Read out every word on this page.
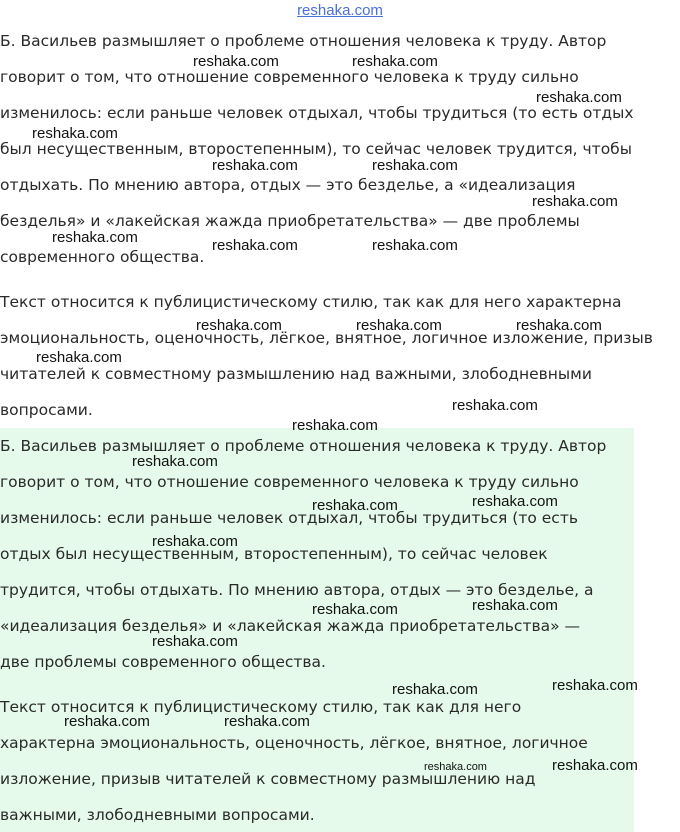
reshaka.com
Б. Васильев размышляет о проблеме отношения человека к труду. Автор
говорит о том, что отношение современного человека к труду сильно
изменилось: если раньше человек отдыхал, чтобы трудиться (то есть отдых
был несущественным, второстепенным), то сейчас человек трудится, чтобы
отдыхать. По мнению автора, отдых — это безделье, а «идеализация
безделья» и «лакейская жажда приобретательства» — две проблемы
современного общества.
Текст относится к публицистическому стилю, так как для него характерна
эмоциональность, оценочность, лёгкое, внятное, логичное изложение, призыв
читателей к совместному размышлению над важными, злободневными
вопросами.
Б. Васильев размышляет о проблеме отношения человека к труду. Автор
говорит о том, что отношение современного человека к труду сильно
изменилось: если раньше человек отдыхал, чтобы трудиться (то есть
отдых был несущественным, второстепенным), то сейчас человек
трудится, чтобы отдыхать. По мнению автора, отдых — это безделье, а
«идеализация безделья» и «лакейская жажда приобретательства» —
две проблемы современного общества.
Текст относится к публицистическому стилю, так как для него
характерна эмоциональность, оценочность, лёгкое, внятное, логичное
изложение, призыв читателей к совместному размышлению над
важными, злободневными вопросами.
reshaka.com	reshaka.com
reshaka.com
reshaka.com
reshaka.com	reshaka.com
reshaka.com
reshaka.com	reshaka.com	reshaka.com
reshaka.com	reshaka.com	reshaka.com
reshaka.com
reshaka.com
reshaka.com
reshaka.com
reshaka.com
reshaka.com
reshaka.com
reshaka.com
reshaka.com
reshaka.com
reshaka.com
reshaka.com
reshaka.com	reshaka.com
reshaka.com
reshaka.com
